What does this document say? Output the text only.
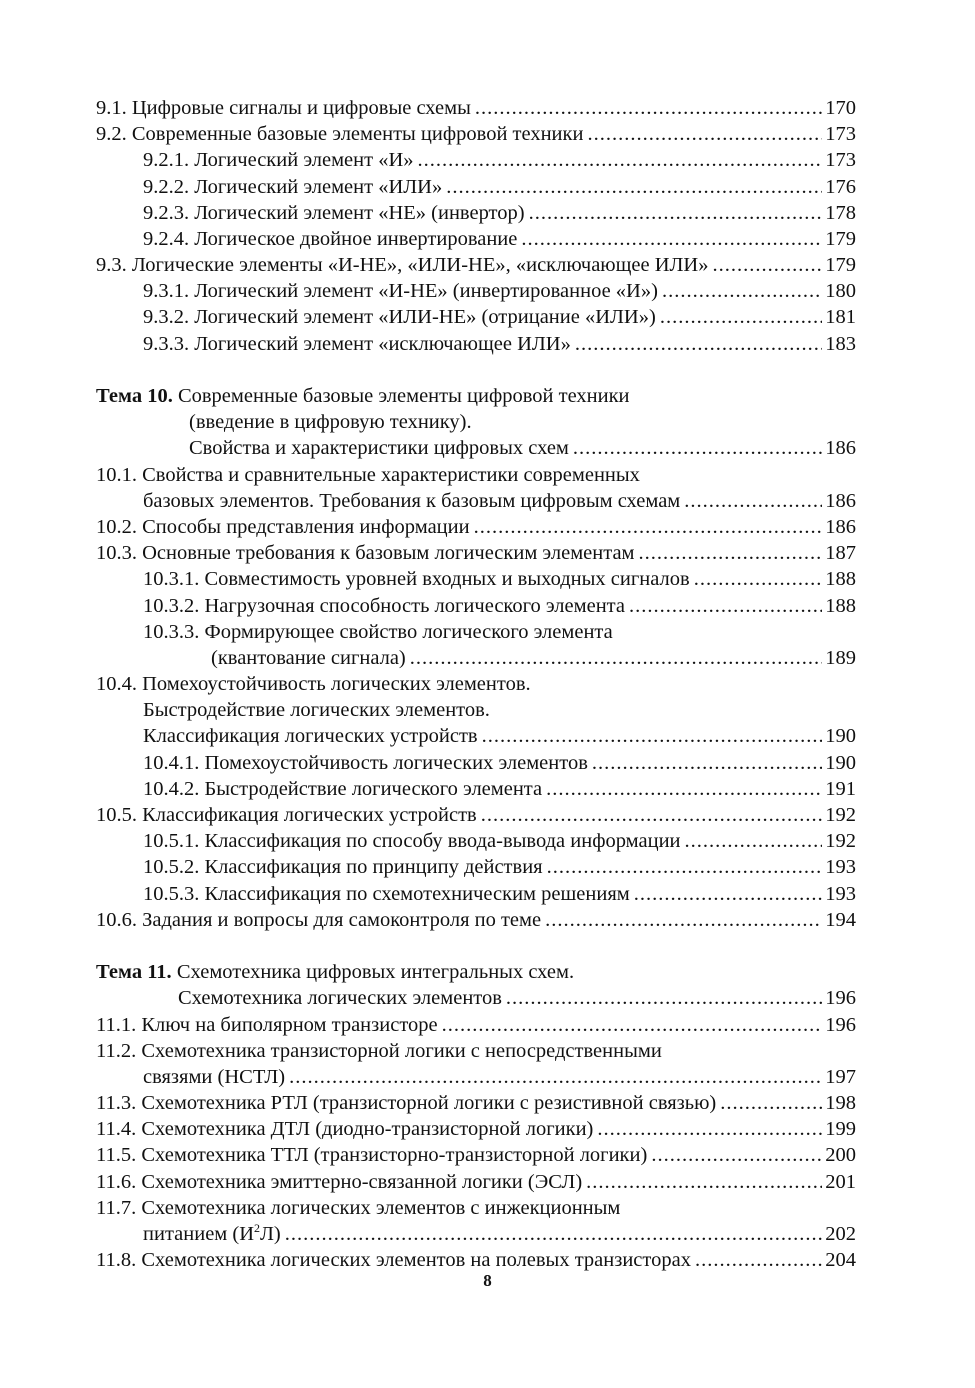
9.1. Цифровые сигналы и цифровые схемы .....	170
9.2. Современные базовые элементы цифровой техники .....	173
9.2.1. Логический элемент «И» .....	173
9.2.2. Логический элемент «ИЛИ» .....	176
9.2.3. Логический элемент «НЕ» (инвертор) .....	178
9.2.4. Логическое двойное инвертирование .....	179
9.3. Логические элементы «И-НЕ», «ИЛИ-НЕ», «исключающее ИЛИ» .....	179
9.3.1. Логический элемент «И-НЕ» (инвертированное «И») .....	180
9.3.2. Логический элемент «ИЛИ-НЕ» (отрицание «ИЛИ») .....	181
9.3.3. Логический элемент «исключающее ИЛИ» .....	183
Тема 10. Современные базовые элементы цифровой техники
(введение в цифровую технику).
Свойства и характеристики цифровых схем .....	186
10.1. Свойства и сравнительные характеристики современных
базовых элементов. Требования к базовым цифровым схемам .....	186
10.2. Способы представления информации .....	186
10.3. Основные требования к базовым логическим элементам .....	187
10.3.1. Совместимость уровней входных и выходных сигналов .....	188
10.3.2. Нагрузочная способность логического элемента .....	188
10.3.3. Формирующее свойство логического элемента
(квантование сигнала) .....	189
10.4. Помехоустойчивость логических элементов.
Быстродействие логических элементов.
Классификация логических устройств .....	190
10.4.1. Помехоустойчивость логических элементов .....	190
10.4.2. Быстродействие логического элемента .....	191
10.5. Классификация логических устройств .....	192
10.5.1. Классификация по способу ввода-вывода информации .....	192
10.5.2. Классификация по принципу действия .....	193
10.5.3. Классификация по схемотехническим решениям .....	193
10.6. Задания и вопросы для самоконтроля по теме .....	194
Тема 11. Схемотехника цифровых интегральных схем.
Схемотехника логических элементов .....	196
11.1. Ключ на биполярном транзисторе .....	196
11.2. Схемотехника транзисторной логики с непосредственными
связями (НСТЛ) .....	197
11.3. Схемотехника РТЛ (транзисторной логики с резистивной связью) .....	198
11.4. Схемотехника ДТЛ (диодно-транзисторной логики) .....	199
11.5. Схемотехника ТТЛ (транзисторно-транзисторной логики) .....	200
11.6. Схемотехника эмиттерно-связанной логики (ЭСЛ) .....	201
11.7. Схемотехника логических элементов с инжекционным
питанием $(И^2Л)$ .....	202
11.8. Схемотехника логических элементов на полевых транзисторах .....	204
8
